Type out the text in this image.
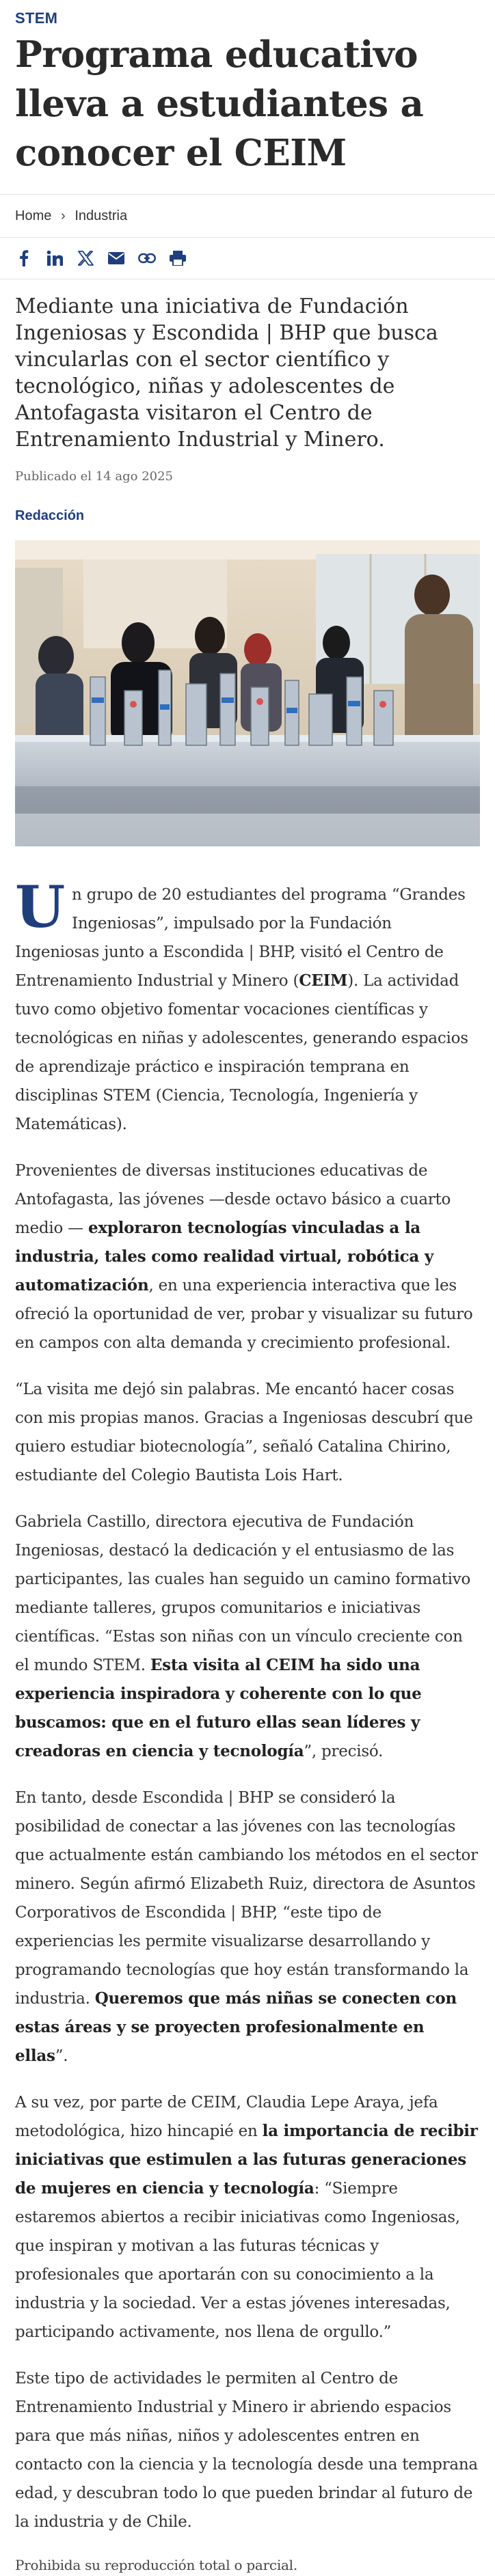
STEM
Programa educativo lleva a estudiantes a conocer el CEIM
Home › Industria

Mediante una iniciativa de Fundación Ingeniosas y Escondida | BHP que busca vincularlas con el sector científico y tecnológico, niñas y adolescentes de Antofagasta visitaron el Centro de Entrenamiento Industrial y Minero.

Publicado el 14 ago 2025

Redacción

Un grupo de 20 estudiantes del programa “Grandes Ingeniosas”, impulsado por la Fundación Ingeniosas junto a Escondida | BHP, visitó el Centro de Entrenamiento Industrial y Minero (CEIM). La actividad tuvo como objetivo fomentar vocaciones científicas y tecnológicas en niñas y adolescentes, generando espacios de aprendizaje práctico e inspiración temprana en disciplinas STEM (Ciencia, Tecnología, Ingeniería y Matemáticas).

Provenientes de diversas instituciones educativas de Antofagasta, las jóvenes —desde octavo básico a cuarto medio — exploraron tecnologías vinculadas a la industria, tales como realidad virtual, robótica y automatización, en una experiencia interactiva que les ofreció la oportunidad de ver, probar y visualizar su futuro en campos con alta demanda y crecimiento profesional.

“La visita me dejó sin palabras. Me encantó hacer cosas con mis propias manos. Gracias a Ingeniosas descubrí que quiero estudiar biotecnología”, señaló Catalina Chirino, estudiante del Colegio Bautista Lois Hart.

Gabriela Castillo, directora ejecutiva de Fundación Ingeniosas, destacó la dedicación y el entusiasmo de las participantes, las cuales han seguido un camino formativo mediante talleres, grupos comunitarios e iniciativas científicas. “Estas son niñas con un vínculo creciente con el mundo STEM. Esta visita al CEIM ha sido una experiencia inspiradora y coherente con lo que buscamos: que en el futuro ellas sean líderes y creadoras en ciencia y tecnología”, precisó.

En tanto, desde Escondida | BHP se consideró la posibilidad de conectar a las jóvenes con las tecnologías que actualmente están cambiando los métodos en el sector minero. Según afirmó Elizabeth Ruiz, directora de Asuntos Corporativos de Escondida | BHP, “este tipo de experiencias les permite visualizarse desarrollando y programando tecnologías que hoy están transformando la industria. Queremos que más niñas se conecten con estas áreas y se proyecten profesionalmente en ellas”.

A su vez, por parte de CEIM, Claudia Lepe Araya, jefa metodológica, hizo hincapié en la importancia de recibir iniciativas que estimulen a las futuras generaciones de mujeres en ciencia y tecnología: “Siempre estaremos abiertos a recibir iniciativas como Ingeniosas, que inspiran y motivan a las futuras técnicas y profesionales que aportarán con su conocimiento a la industria y la sociedad. Ver a estas jóvenes interesadas, participando activamente, nos llena de orgullo.”

Este tipo de actividades le permiten al Centro de Entrenamiento Industrial y Minero ir abriendo espacios para que más niñas, niños y adolescentes entren en contacto con la ciencia y la tecnología desde una temprana edad, y descubran todo lo que pueden brindar al futuro de la industria y de Chile.

Prohibida su reproducción total o parcial.
